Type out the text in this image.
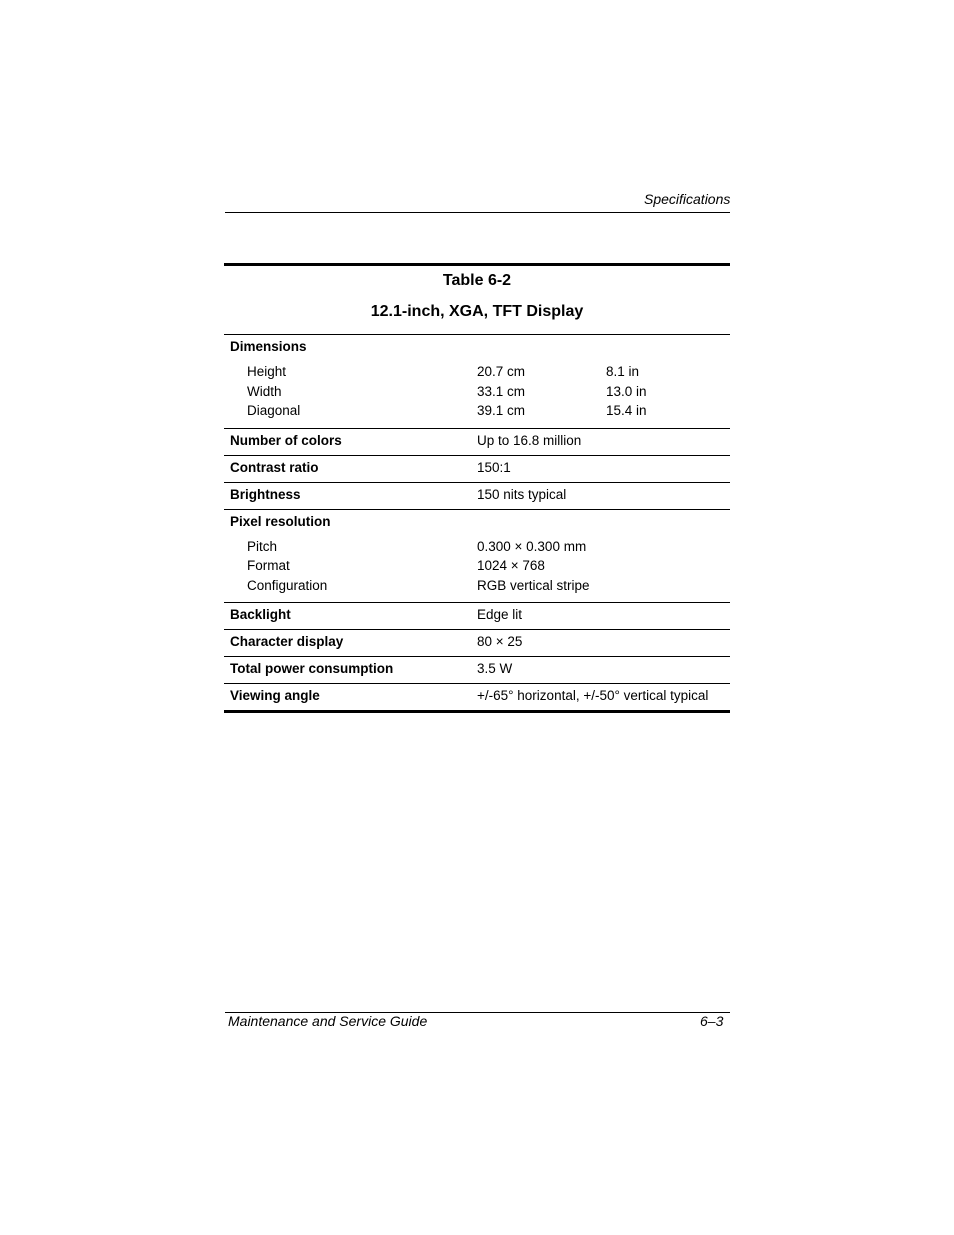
Specifications
Table 6-2
12.1-inch, XGA, TFT Display
Dimensions
Height	20.7 cm	8.1 in
Width	33.1 cm	13.0 in
Diagonal	39.1 cm	15.4 in
Number of colors	Up to 16.8 million
Contrast ratio	150:1
Brightness	150 nits typical
Pixel resolution
Pitch	0.300 × 0.300 mm
Format	1024 × 768
Configuration	RGB vertical stripe
Backlight	Edge lit
Character display	80 × 25
Total power consumption	3.5 W
Viewing angle	+/-65° horizontal, +/-50° vertical typical
Maintenance and Service Guide	6–3
